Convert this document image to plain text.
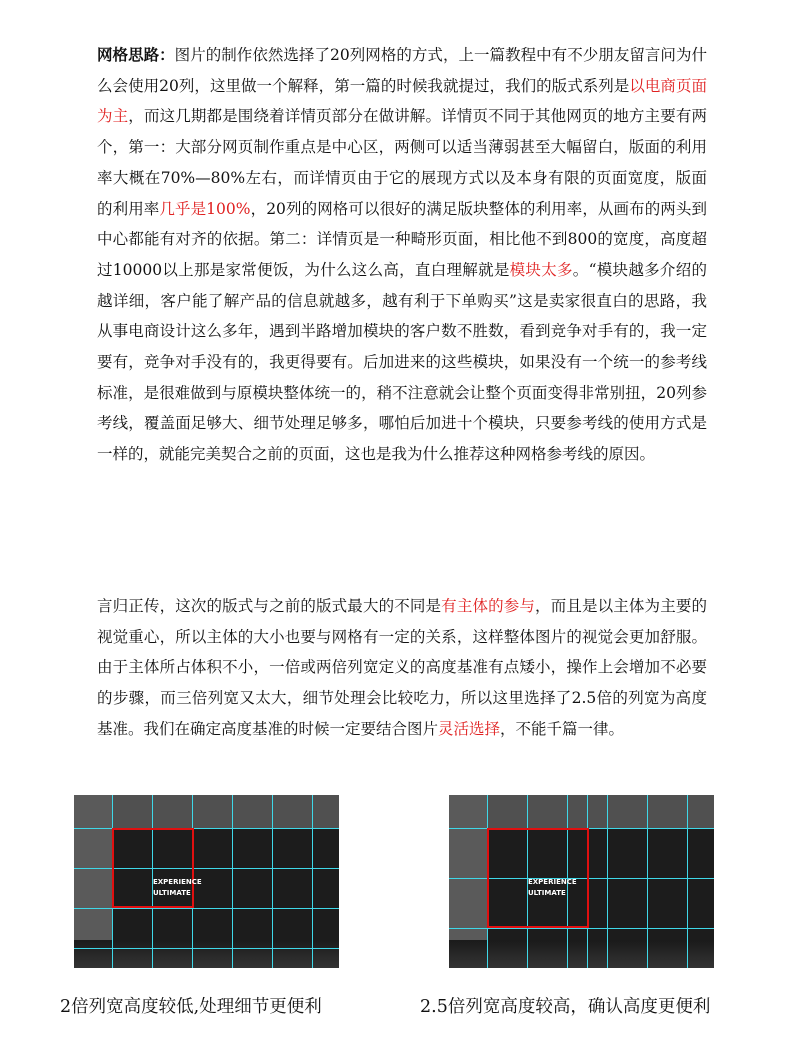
网格思路：图片的制作依然选择了20列网格的方式，上一篇教程中有不少朋友留言问为什么会使用20列，这里做一个解释，第一篇的时候我就提过，我们的版式系列是以电商页面为主，而这几期都是围绕着详情页部分在做讲解。详情页不同于其他网页的地方主要有两个，第一：大部分网页制作重点是中心区，两侧可以适当薄弱甚至大幅留白，版面的利用率大概在70%—80%左右，而详情页由于它的展现方式以及本身有限的页面宽度，版面的利用率几乎是100%，20列的网格可以很好的满足版块整体的利用率，从画布的两头到中心都能有对齐的依据。第二：详情页是一种畸形页面，相比他不到800的宽度，高度超过10000以上那是家常便饭，为什么这么高，直白理解就是模块太多。“模块越多介绍的越详细，客户能了解产品的信息就越多，越有利于下单购买”这是卖家很直白的思路，我从事电商设计这么多年，遇到半路增加模块的客户数不胜数，看到竞争对手有的，我一定要有，竞争对手没有的，我更得要有。后加进来的这些模块，如果没有一个统一的参考线标准，是很难做到与原模块整体统一的，稍不注意就会让整个页面变得非常别扭，20列参考线，覆盖面足够大、细节处理足够多，哪怕后加进十个模块，只要参考线的使用方式是一样的，就能完美契合之前的页面，这也是我为什么推荐这种网格参考线的原因。

言归正传，这次的版式与之前的版式最大的不同是有主体的参与，而且是以主体为主要的视觉重心，所以主体的大小也要与网格有一定的关系，这样整体图片的视觉会更加舒服。由于主体所占体积不小，一倍或两倍列宽定义的高度基准有点矮小，操作上会增加不必要的步骤，而三倍列宽又太大，细节处理会比较吃力，所以这里选择了2.5倍的列宽为高度基准。我们在确定高度基准的时候一定要结合图片灵活选择，不能千篇一律。

EXPERIENCE
ULTIMATE
EXPERIENCE
ULTIMATE
2倍列宽高度较低,处理细节更便利	2.5倍列宽高度较高，确认高度更便利
